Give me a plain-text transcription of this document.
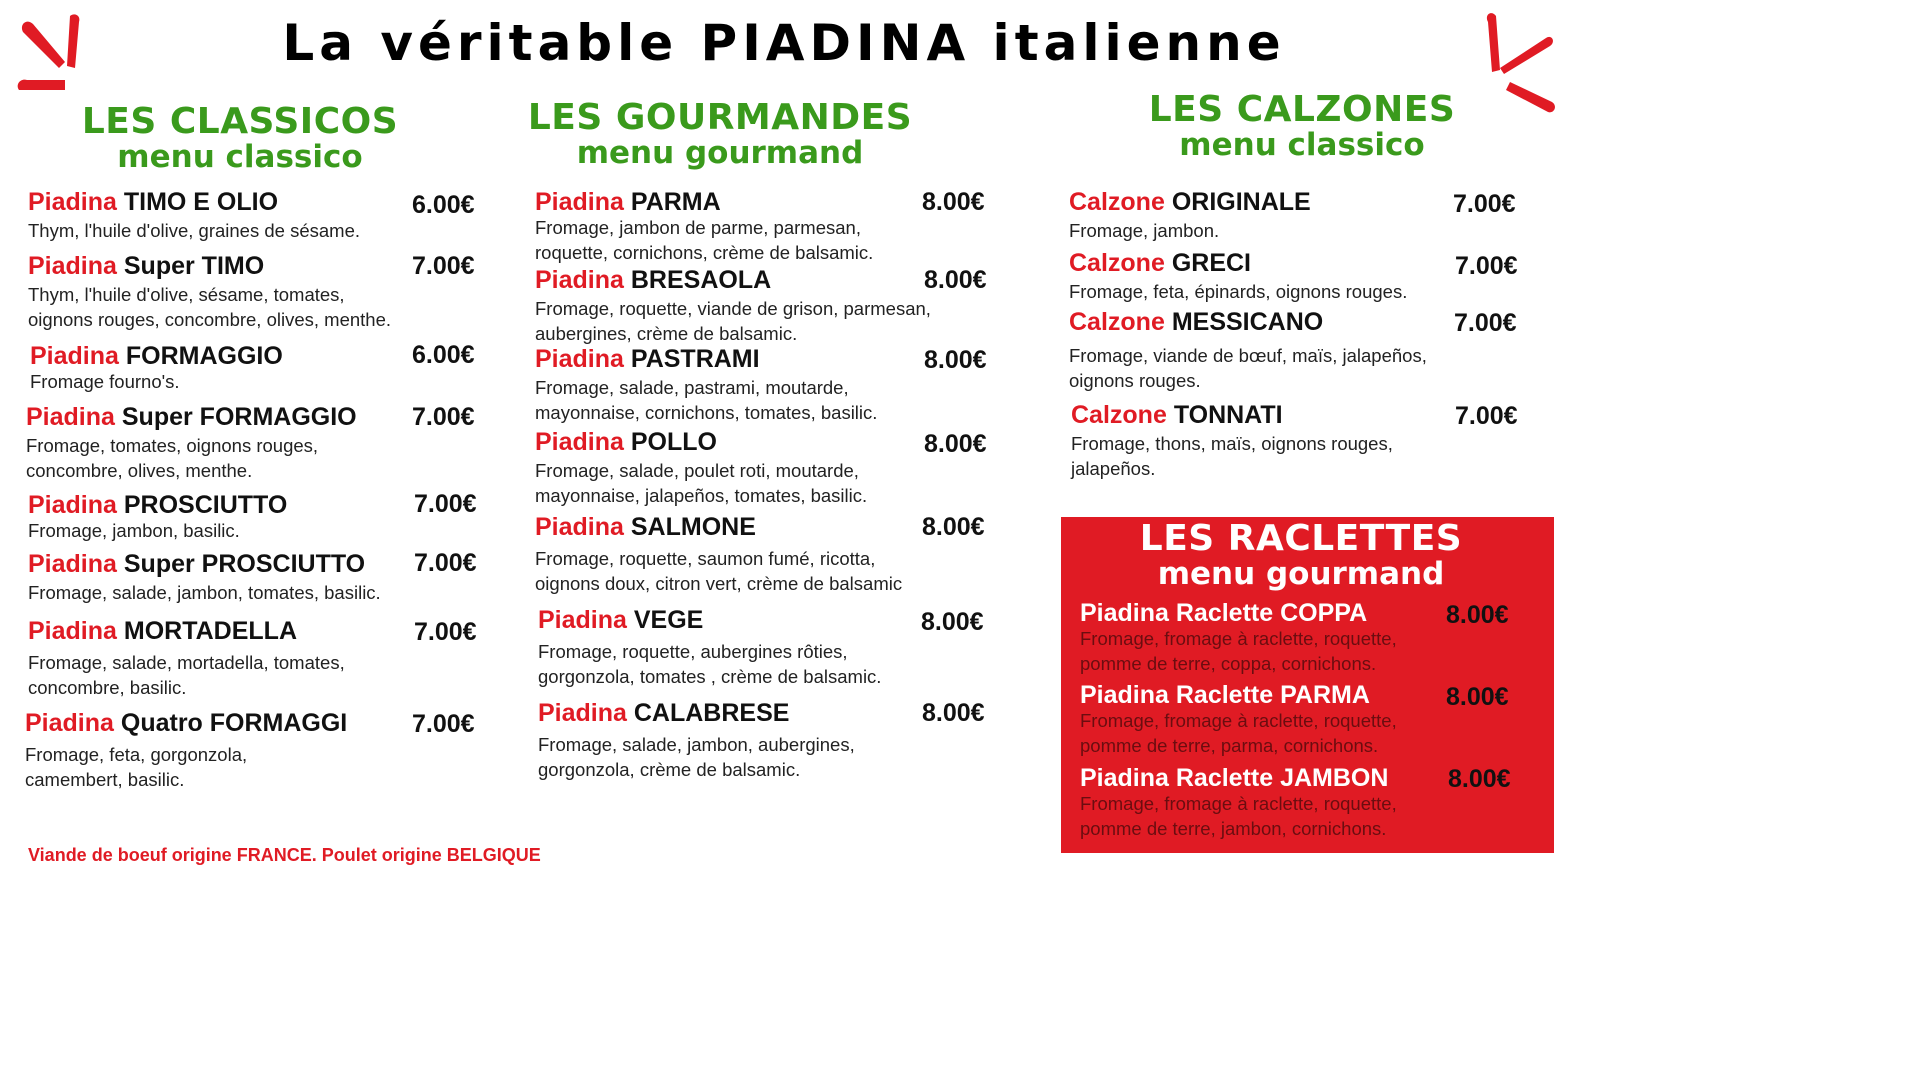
La véritable PIADINA italienne
LES CLASSICOS
menu classico
Piadina TIMO E OLIO
Thym, l'huile d'olive, graines de sésame.
6.00€
Piadina Super TIMO
Thym, l'huile d'olive, sésame, tomates, oignons rouges, concombre, olives, menthe.
7.00€
Piadina FORMAGGIO
Fromage fourno's.
6.00€
Piadina Super FORMAGGIO
Fromage, tomates, oignons rouges, concombre, olives, menthe.
7.00€
Piadina PROSCIUTTO
Fromage, jambon, basilic.
7.00€
Piadina Super PROSCIUTTO
Fromage, salade, jambon, tomates, basilic.
7.00€
Piadina MORTADELLA
Fromage, salade, mortadella, tomates, concombre, basilic.
7.00€
Piadina Quatro FORMAGGI
Fromage, feta, gorgonzola, camembert, basilic.
7.00€
LES GOURMANDES
menu gourmand
Piadina PARMA
Fromage, jambon de parme, parmesan, roquette, cornichons, crème de balsamic.
8.00€
Piadina BRESAOLA
Fromage, roquette, viande de grison, parmesan, aubergines, crème de balsamic.
8.00€
Piadina PASTRAMI
Fromage, salade, pastrami, moutarde, mayonnaise, cornichons, tomates, basilic.
8.00€
Piadina POLLO
Fromage, salade, poulet roti, moutarde, mayonnaise, jalapeños, tomates, basilic.
8.00€
Piadina SALMONE
Fromage, roquette, saumon fumé, ricotta, oignons doux, citron vert, crème de balsamic
8.00€
Piadina VEGE
Fromage, roquette, aubergines rôties, gorgonzola, tomates , crème de balsamic.
8.00€
Piadina CALABRESE
Fromage, salade, jambon, aubergines, gorgonzola, crème de balsamic.
8.00€
LES CALZONES
menu classico
Calzone ORIGINALE
Fromage, jambon.
7.00€
Calzone GRECI
Fromage, feta, épinards, oignons rouges.
7.00€
Calzone MESSICANO
Fromage, viande de bœuf, maïs, jalapeños, oignons rouges.
7.00€
Calzone TONNATI
Fromage, thons, maïs, oignons rouges, jalapeños.
7.00€
LES RACLETTES
menu gourmand
Piadina Raclette COPPA
Fromage, fromage à raclette, roquette, pomme de terre, coppa, cornichons.
8.00€
Piadina Raclette PARMA
Fromage, fromage à raclette, roquette, pomme de terre, parma, cornichons.
8.00€
Piadina Raclette JAMBON
Fromage, fromage à raclette, roquette, pomme de terre, jambon, cornichons.
8.00€
Viande de boeuf origine FRANCE. Poulet origine BELGIQUE
